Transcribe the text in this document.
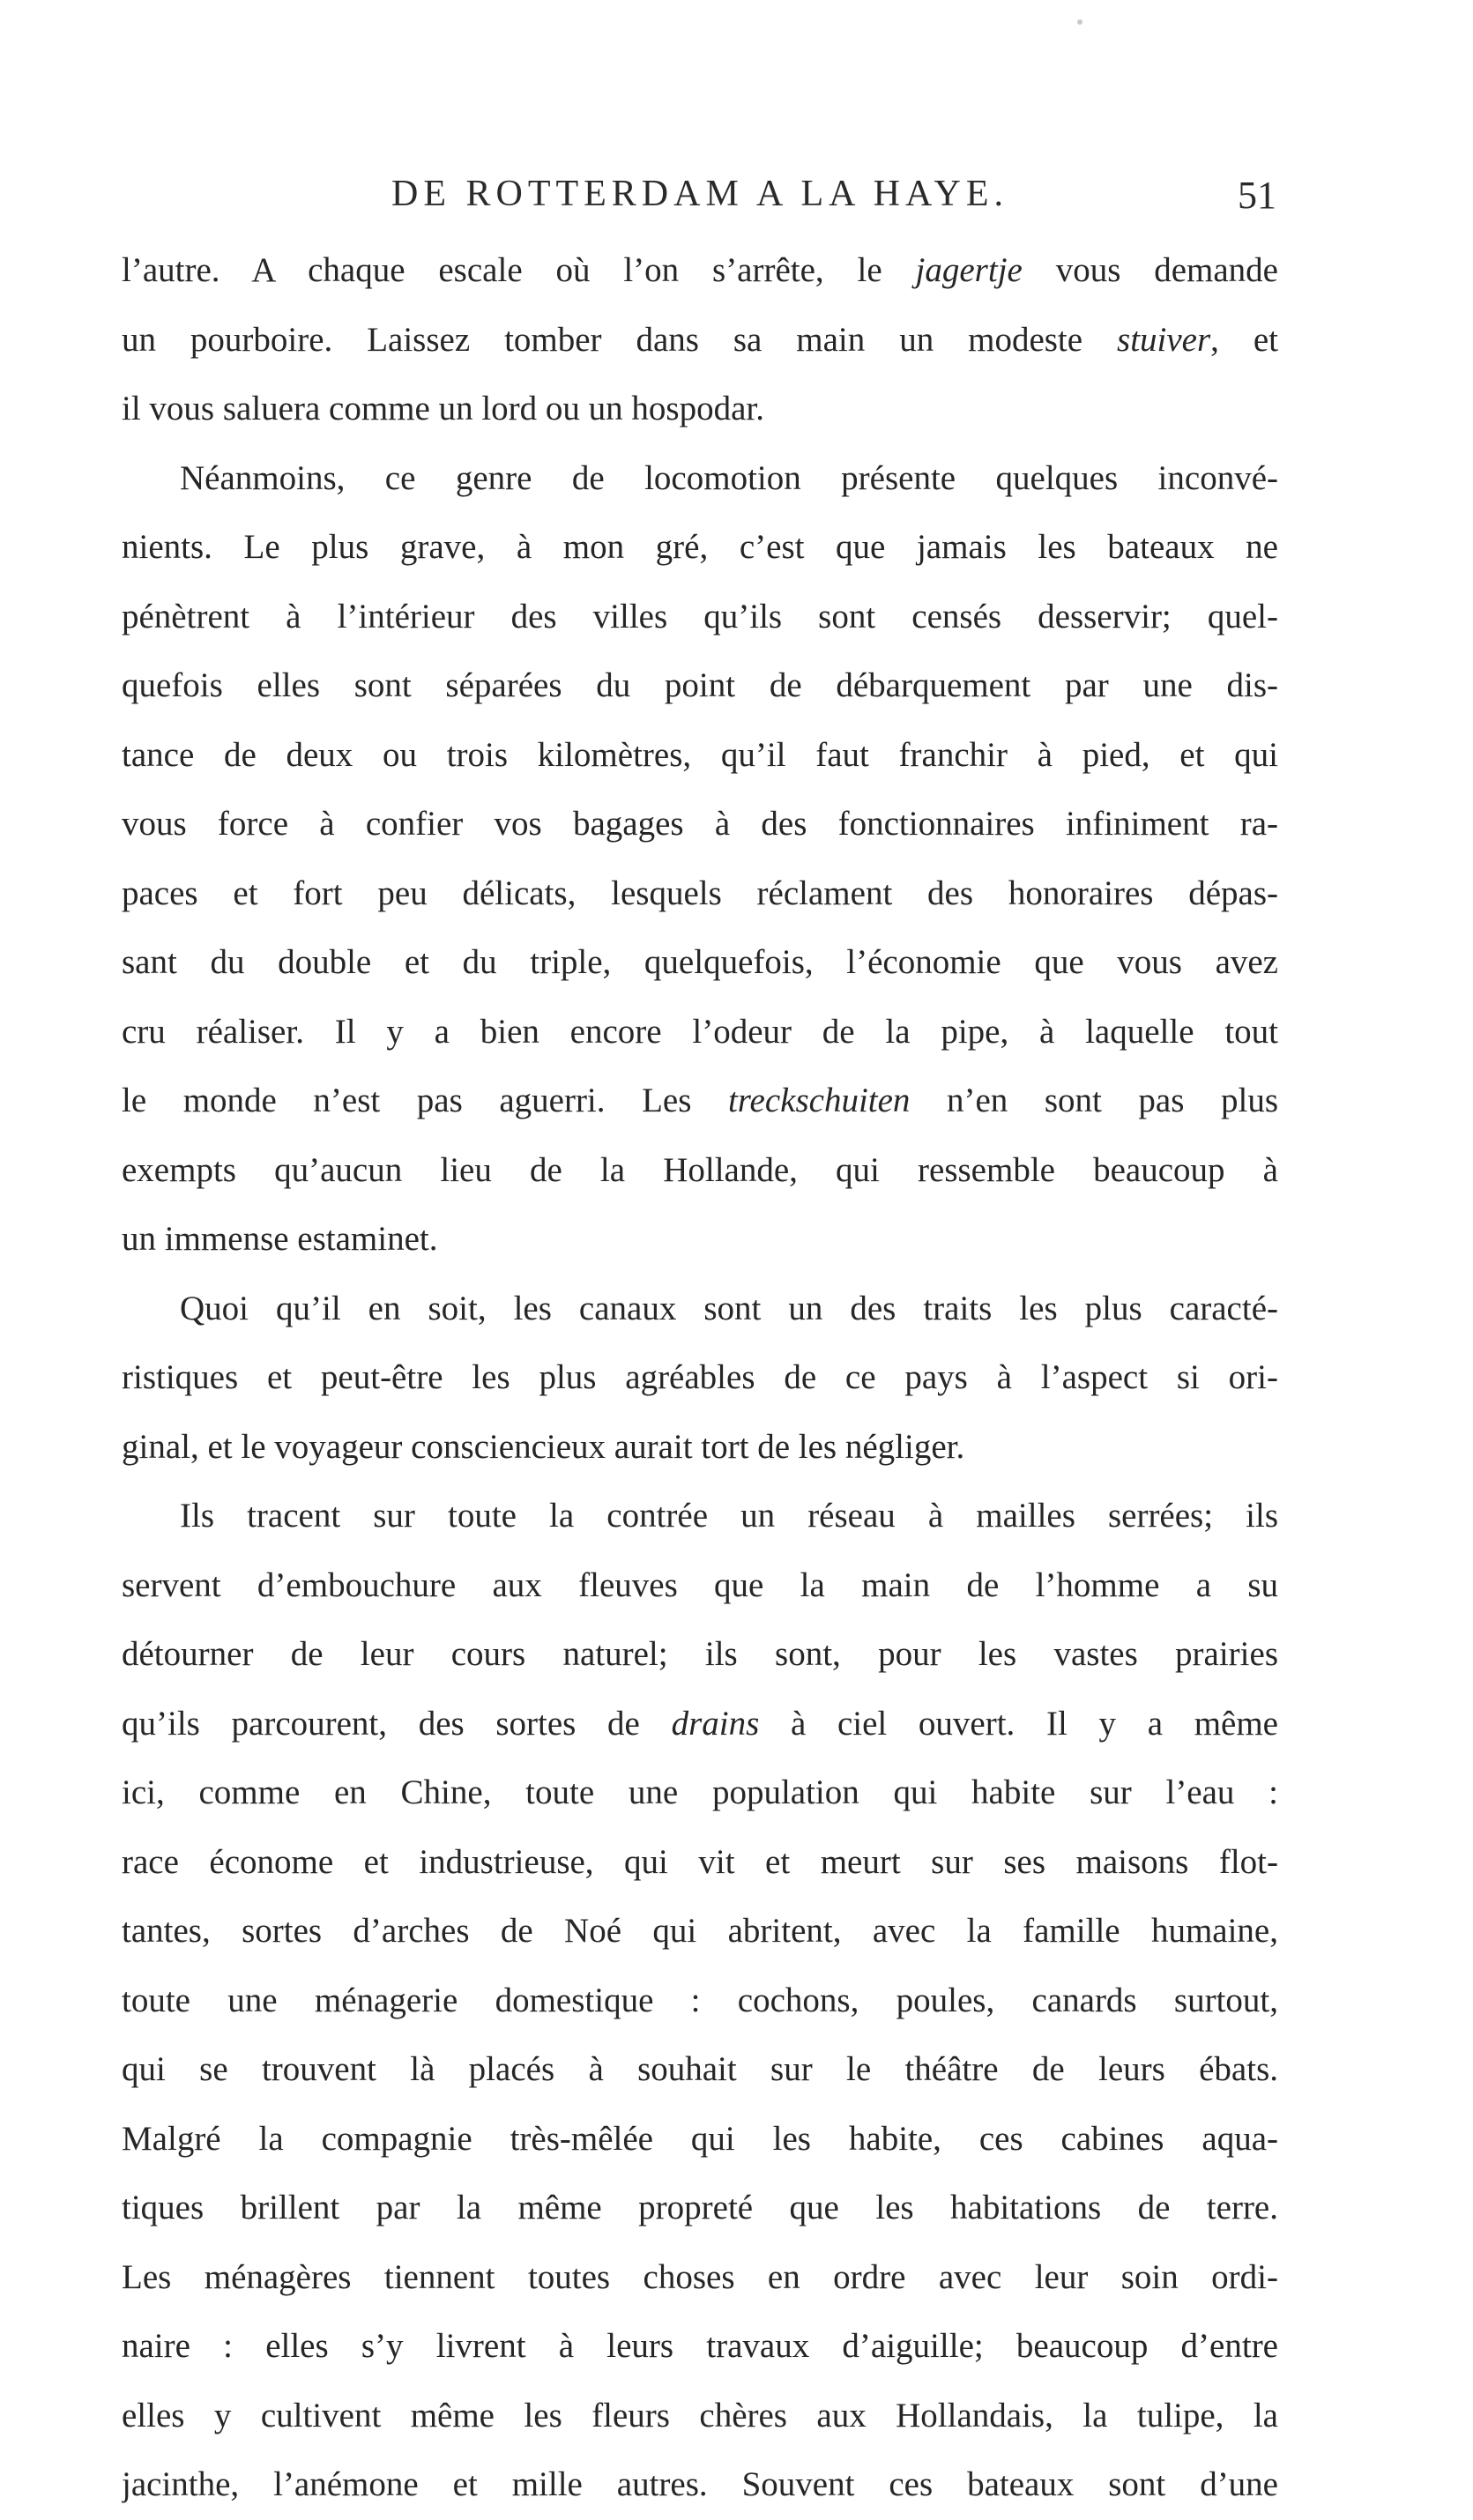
DE ROTTERDAM A LA HAYE.	51
l’autre. A chaque escale où l’on s’arrête, le jagertje vous demande
un pourboire. Laissez tomber dans sa main un modeste stuiver, et
il vous saluera comme un lord ou un hospodar.
Néanmoins, ce genre de locomotion présente quelques inconvé-
nients. Le plus grave, à mon gré, c’est que jamais les bateaux ne
pénètrent à l’intérieur des villes qu’ils sont censés desservir; quel-
quefois elles sont séparées du point de débarquement par une dis-
tance de deux ou trois kilomètres, qu’il faut franchir à pied, et qui
vous force à confier vos bagages à des fonctionnaires infiniment ra-
paces et fort peu délicats, lesquels réclament des honoraires dépas-
sant du double et du triple, quelquefois, l’économie que vous avez
cru réaliser. Il y a bien encore l’odeur de la pipe, à laquelle tout
le monde n’est pas aguerri. Les treckschuiten n’en sont pas plus
exempts qu’aucun lieu de la Hollande, qui ressemble beaucoup à
un immense estaminet.
Quoi qu’il en soit, les canaux sont un des traits les plus caracté-
ristiques et peut-être les plus agréables de ce pays à l’aspect si ori-
ginal, et le voyageur consciencieux aurait tort de les négliger.
Ils tracent sur toute la contrée un réseau à mailles serrées; ils
servent d’embouchure aux fleuves que la main de l’homme a su
détourner de leur cours naturel; ils sont, pour les vastes prairies
qu’ils parcourent, des sortes de drains à ciel ouvert. Il y a même
ici, comme en Chine, toute une population qui habite sur l’eau :
race économe et industrieuse, qui vit et meurt sur ses maisons flot-
tantes, sortes d’arches de Noé qui abritent, avec la famille humaine,
toute une ménagerie domestique : cochons, poules, canards surtout,
qui se trouvent là placés à souhait sur le théâtre de leurs ébats.
Malgré la compagnie très-mêlée qui les habite, ces cabines aqua-
tiques brillent par la même propreté que les habitations de terre.
Les ménagères tiennent toutes choses en ordre avec leur soin ordi-
naire : elles s’y livrent à leurs travaux d’aiguille; beaucoup d’entre
elles y cultivent même les fleurs chères aux Hollandais, la tulipe, la
jacinthe, l’anémone et mille autres. Souvent ces bateaux sont d’une
